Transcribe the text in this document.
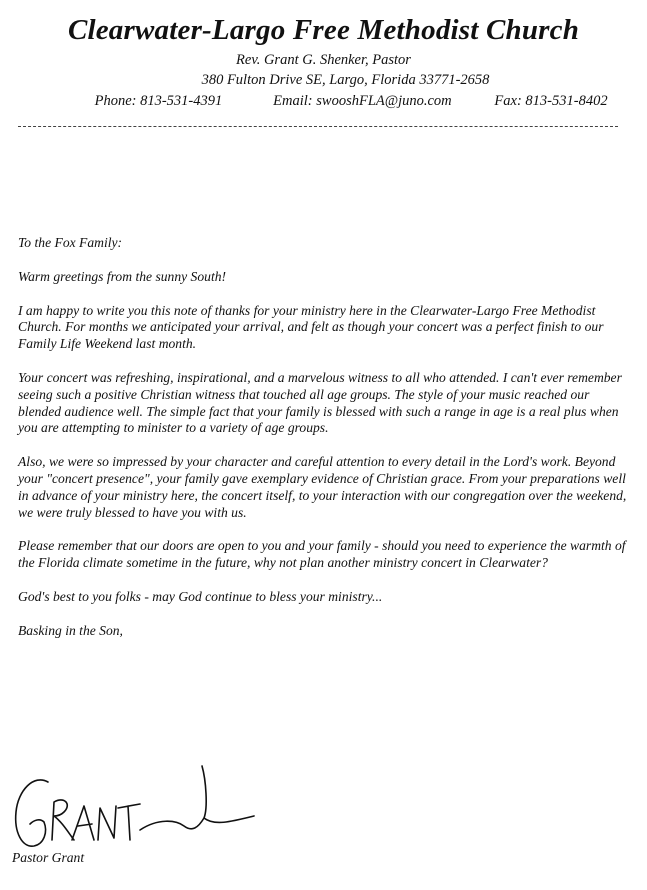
Clearwater-Largo Free Methodist Church
Rev. Grant G. Shenker, Pastor
380 Fulton Drive SE, Largo, Florida 33771-2658
Phone: 813-531-4391	Email: swooshFLA@juno.com	Fax: 813-531-8402

To the Fox Family:

Warm greetings from the sunny South!

I am happy to write you this note of thanks for your ministry here in the Clearwater-Largo Free Methodist Church. For months we anticipated your arrival, and felt as though your concert was a perfect finish to our Family Life Weekend last month.

Your concert was refreshing, inspirational, and a marvelous witness to all who attended. I can't ever remember seeing such a positive Christian witness that touched all age groups. The style of your music reached our blended audience well. The simple fact that your family is blessed with such a range in age is a real plus when you are attempting to minister to a variety of age groups.

Also, we were so impressed by your character and careful attention to every detail in the Lord's work. Beyond your "concert presence", your family gave exemplary evidence of Christian grace. From your preparations well in advance of your ministry here, the concert itself, to your interaction with our congregation over the weekend, we were truly blessed to have you with us.

Please remember that our doors are open to you and your family - should you need to experience the warmth of the Florida climate sometime in the future, why not plan another ministry concert in Clearwater?

God's best to you folks - may God continue to bless your ministry...

Basking in the Son,

Pastor Grant
